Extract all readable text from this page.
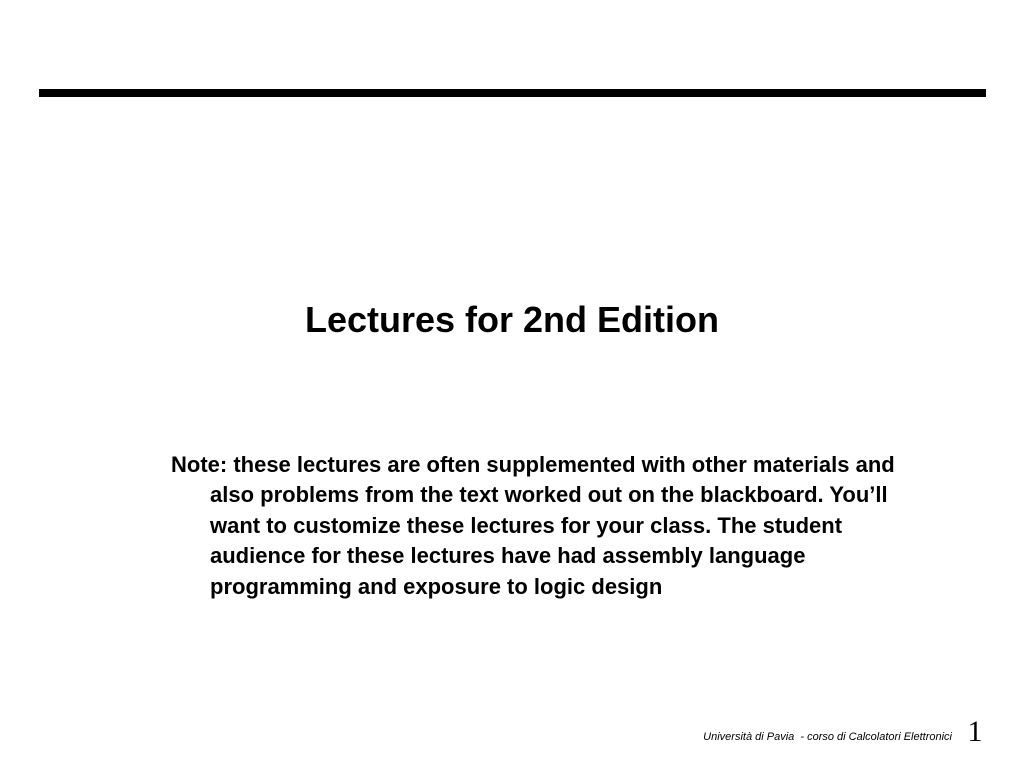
Lectures for 2nd Edition

Note: these lectures are often supplemented with other materials and also problems from the text worked out on the blackboard. You’ll want to customize these lectures for your class. The student audience for these lectures have had assembly language programming and exposure to logic design

Università di Pavia  - corso di Calcolatori Elettronici 1
